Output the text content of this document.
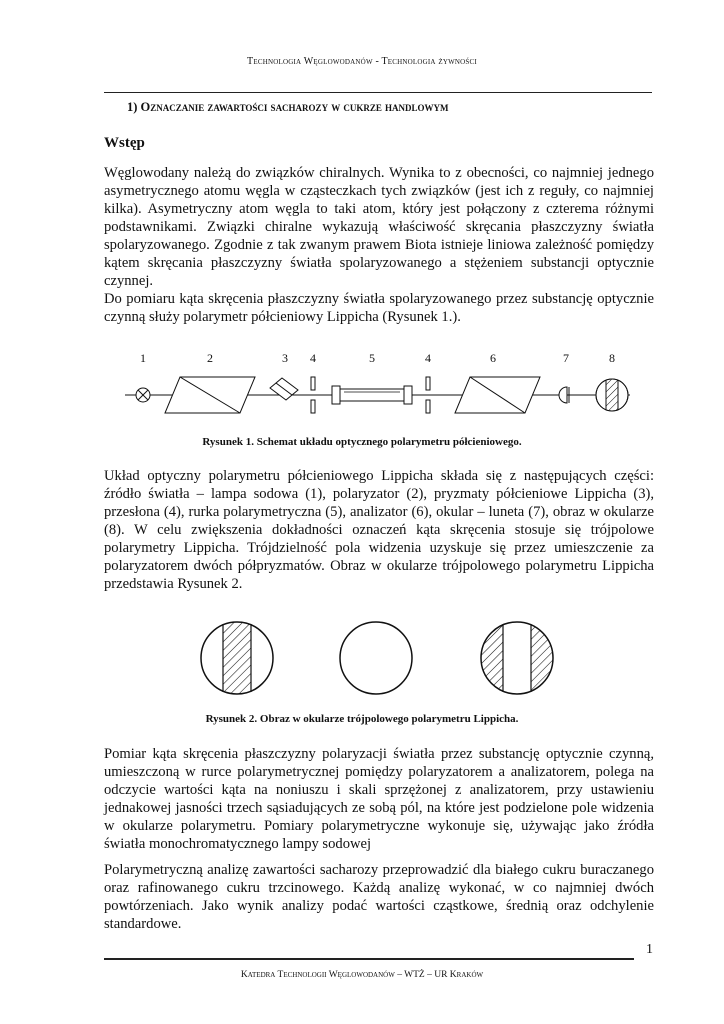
Technologia Węglowodanów - Technologia żywności
1) Oznaczanie zawartości sacharozy w cukrze handlowym
Wstęp
Węglowodany należą do związków chiralnych. Wynika to z obecności, co najmniej jednego asymetrycznego atomu węgla w cząsteczkach tych związków (jest ich z reguły, co najmniej kilka). Asymetryczny atom węgla to taki atom, który jest połączony z czterema różnymi podstawnikami. Związki chiralne wykazują właściwość skręcania płaszczyzny światła spolaryzowanego. Zgodnie z tak zwanym prawem Biota istnieje liniowa zależność pomiędzy kątem skręcania płaszczyzny światła spolaryzowanego a stężeniem substancji optycznie czynnej.
Do pomiaru kąta skręcenia płaszczyzny światła spolaryzowanego przez substancję optycznie czynną służy polarymetr półcieniowy Lippicha (Rysunek 1.).
1	2	3 4	5	4	6	7	8
Rysunek 1. Schemat układu optycznego polarymetru półcieniowego.
Układ optyczny polarymetru półcieniowego Lippicha składa się z następujących części: źródło światła – lampa sodowa (1), polaryzator (2), pryzmaty półcieniowe Lippicha (3), przesłona (4), rurka polarymetryczna (5), analizator (6), okular – luneta (7), obraz w okularze (8). W celu zwiększenia dokładności oznaczeń kąta skręcenia stosuje się trójpolowe polarymetry Lippicha. Trójdzielność pola widzenia uzyskuje się przez umieszczenie za polaryzatorem dwóch półpryzmatów. Obraz w okularze trójpolowego polarymetru Lippicha przedstawia Rysunek 2.
Rysunek 2. Obraz w okularze trójpolowego polarymetru Lippicha.
Pomiar kąta skręcenia płaszczyzny polaryzacji światła przez substancję optycznie czynną, umieszczoną w rurce polarymetrycznej pomiędzy polaryzatorem a analizatorem, polega na odczycie wartości kąta na noniuszu i skali sprzężonej z analizatorem, przy ustawieniu jednakowej jasności trzech sąsiadujących ze sobą pól, na które jest podzielone pole widzenia w okularze polarymetru. Pomiary polarymetryczne wykonuje się, używając jako źródła światła monochromatycznego lampy sodowej
Polarymetryczną analizę zawartości sacharozy przeprowadzić dla białego cukru buraczanego oraz rafinowanego cukru trzcinowego. Każdą analizę wykonać, w co najmniej dwóch powtórzeniach. Jako wynik analizy podać wartości cząstkowe, średnią oraz odchylenie standardowe.
1
Katedra Technologii Węglowodanów – WTŻ – UR Kraków
